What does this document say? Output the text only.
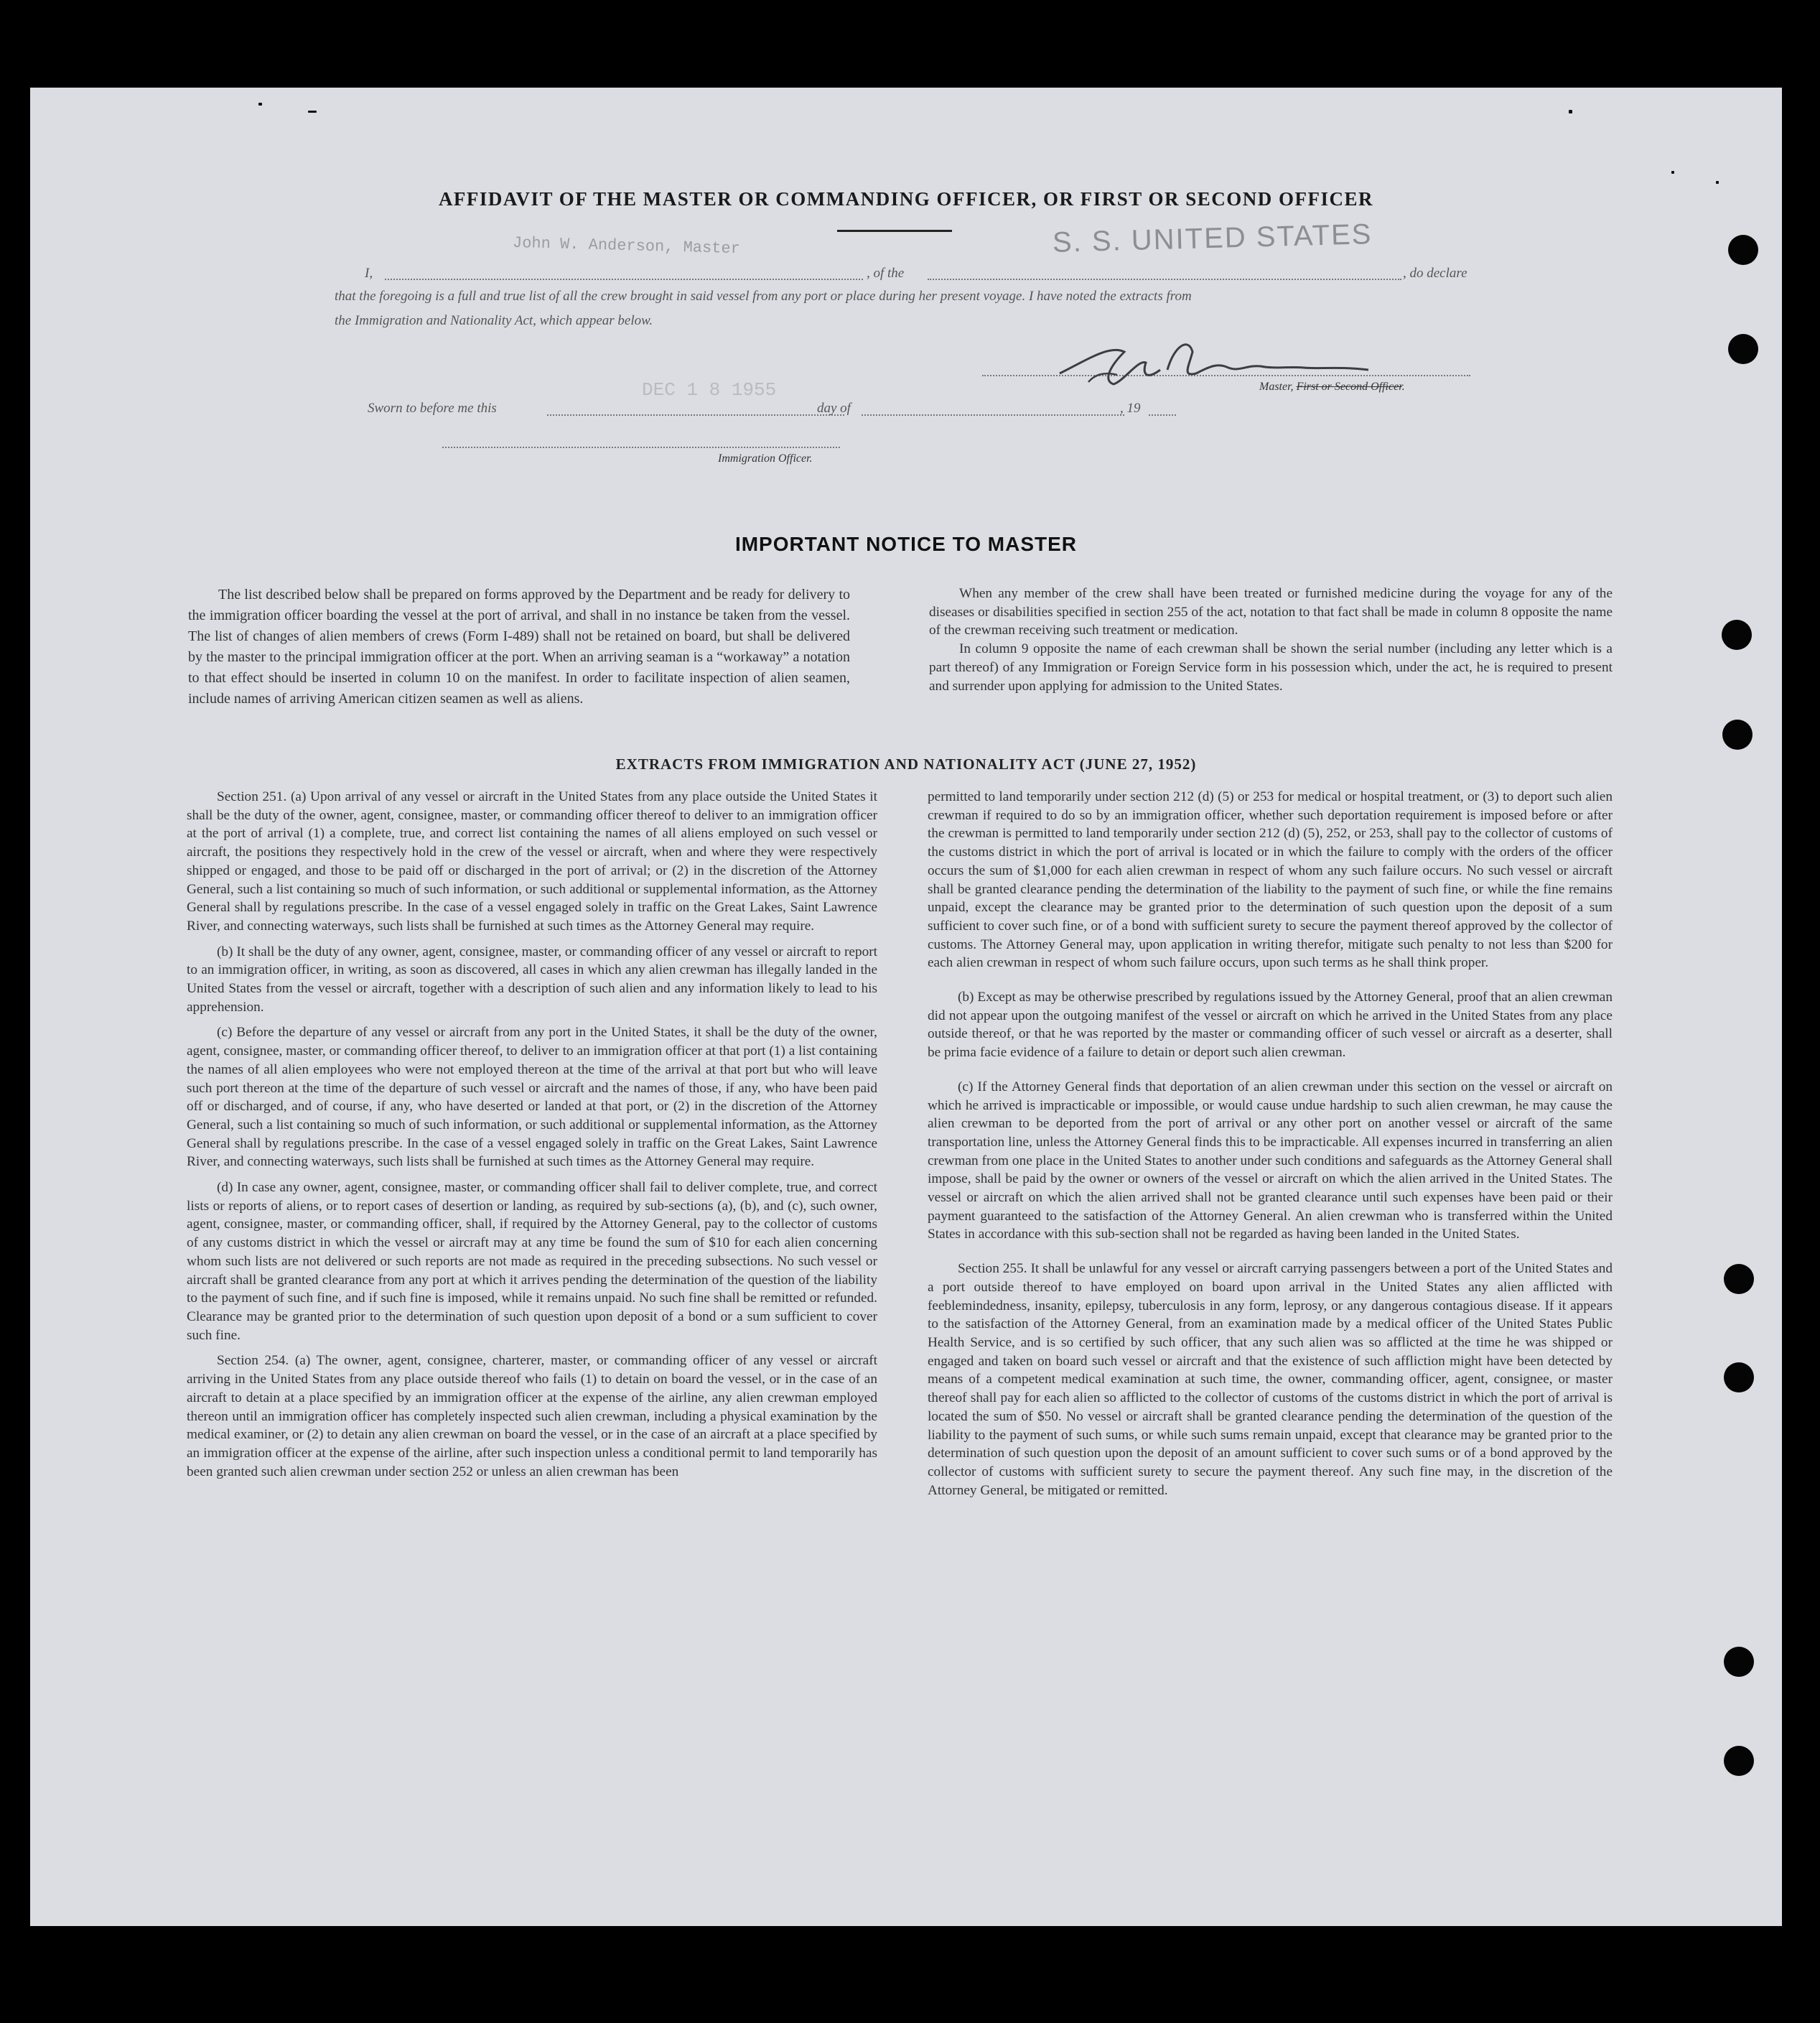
AFFIDAVIT OF THE MASTER OR COMMANDING OFFICER, OR FIRST OR SECOND OFFICER
John W. Anderson, Master	S. S. UNITED STATES
I,	, of the	, do declare
that the foregoing is a full and true list of all the crew brought in said vessel from any port or place during her present voyage. I have noted the extracts from
the Immigration and Nationality Act, which appear below.
Master, First or Second Officer.
DEC 1 8 1955
Sworn to before me this	day of	, 19
Immigration Officer.
IMPORTANT NOTICE TO MASTER

The list described below shall be prepared on forms approved by the Department and be ready for delivery to the immigration officer boarding the vessel at the port of arrival, and shall in no instance be taken from the vessel. The list of changes of alien members of crews (Form I-489) shall not be retained on board, but shall be delivered by the master to the principal immigration officer at the port. When an arriving seaman is a “workaway” a notation to that effect should be inserted in column 10 on the manifest. In order to facilitate inspection of alien seamen, include names of arriving American citizen seamen as well as aliens.

When any member of the crew shall have been treated or furnished medicine during the voyage for any of the diseases or disabilities specified in section 255 of the act, notation to that fact shall be made in column 8 opposite the name of the crewman receiving such treatment or medication.

In column 9 opposite the name of each crewman shall be shown the serial number (including any letter which is a part thereof) of any Immigration or Foreign Service form in his possession which, under the act, he is required to present and surrender upon applying for admission to the United States.

EXTRACTS FROM IMMIGRATION AND NATIONALITY ACT (JUNE 27, 1952)

Section 251. (a) Upon arrival of any vessel or aircraft in the United States from any place outside the United States it shall be the duty of the owner, agent, consignee, master, or commanding officer thereof to deliver to an immigration officer at the port of arrival (1) a complete, true, and correct list containing the names of all aliens employed on such vessel or aircraft, the positions they respectively hold in the crew of the vessel or aircraft, when and where they were respectively shipped or engaged, and those to be paid off or discharged in the port of arrival; or (2) in the discretion of the Attorney General, such a list containing so much of such information, or such additional or supplemental information, as the Attorney General shall by regulations prescribe. In the case of a vessel engaged solely in traffic on the Great Lakes, Saint Lawrence River, and connecting waterways, such lists shall be furnished at such times as the Attorney General may require.

(b) It shall be the duty of any owner, agent, consignee, master, or commanding officer of any vessel or aircraft to report to an immigration officer, in writing, as soon as discovered, all cases in which any alien crewman has illegally landed in the United States from the vessel or aircraft, together with a description of such alien and any information likely to lead to his apprehension.

(c) Before the departure of any vessel or aircraft from any port in the United States, it shall be the duty of the owner, agent, consignee, master, or commanding officer thereof, to deliver to an immigration officer at that port (1) a list containing the names of all alien employees who were not employed thereon at the time of the arrival at that port but who will leave such port thereon at the time of the departure of such vessel or aircraft and the names of those, if any, who have been paid off or discharged, and of course, if any, who have deserted or landed at that port, or (2) in the discretion of the Attorney General, such a list containing so much of such information, or such additional or supplemental information, as the Attorney General shall by regulations prescribe. In the case of a vessel engaged solely in traffic on the Great Lakes, Saint Lawrence River, and connecting waterways, such lists shall be furnished at such times as the Attorney General may require.

(d) In case any owner, agent, consignee, master, or commanding officer shall fail to deliver complete, true, and correct lists or reports of aliens, or to report cases of desertion or landing, as required by sub-sections (a), (b), and (c), such owner, agent, consignee, master, or commanding officer, shall, if required by the Attorney General, pay to the collector of customs of any customs district in which the vessel or aircraft may at any time be found the sum of $10 for each alien concerning whom such lists are not delivered or such reports are not made as required in the preceding subsections. No such vessel or aircraft shall be granted clearance from any port at which it arrives pending the determination of the question of the liability to the payment of such fine, and if such fine is imposed, while it remains unpaid. No such fine shall be remitted or refunded. Clearance may be granted prior to the determination of such question upon deposit of a bond or a sum sufficient to cover such fine.

Section 254. (a) The owner, agent, consignee, charterer, master, or commanding officer of any vessel or aircraft arriving in the United States from any place outside thereof who fails (1) to detain on board the vessel, or in the case of an aircraft to detain at a place specified by an immigration officer at the expense of the airline, any alien crewman employed thereon until an immigration officer has completely inspected such alien crewman, including a physical examination by the medical examiner, or (2) to detain any alien crewman on board the vessel, or in the case of an aircraft at a place specified by an immigration officer at the expense of the airline, after such inspection unless a conditional permit to land temporarily has been granted such alien crewman under section 252 or unless an alien crewman has been

permitted to land temporarily under section 212 (d) (5) or 253 for medical or hospital treatment, or (3) to deport such alien crewman if required to do so by an immigration officer, whether such deportation requirement is imposed before or after the crewman is permitted to land temporarily under section 212 (d) (5), 252, or 253, shall pay to the collector of customs of the customs district in which the port of arrival is located or in which the failure to comply with the orders of the officer occurs the sum of $1,000 for each alien crewman in respect of whom any such failure occurs. No such vessel or aircraft shall be granted clearance pending the determination of the liability to the payment of such fine, or while the fine remains unpaid, except the clearance may be granted prior to the determination of such question upon the deposit of a sum sufficient to cover such fine, or of a bond with sufficient surety to secure the payment thereof approved by the collector of customs. The Attorney General may, upon application in writing therefor, mitigate such penalty to not less than $200 for each alien crewman in respect of whom such failure occurs, upon such terms as he shall think proper.

(b) Except as may be otherwise prescribed by regulations issued by the Attorney General, proof that an alien crewman did not appear upon the outgoing manifest of the vessel or aircraft on which he arrived in the United States from any place outside thereof, or that he was reported by the master or commanding officer of such vessel or aircraft as a deserter, shall be prima facie evidence of a failure to detain or deport such alien crewman.

(c) If the Attorney General finds that deportation of an alien crewman under this section on the vessel or aircraft on which he arrived is impracticable or impossible, or would cause undue hardship to such alien crewman, he may cause the alien crewman to be deported from the port of arrival or any other port on another vessel or aircraft of the same transportation line, unless the Attorney General finds this to be impracticable. All expenses incurred in transferring an alien crewman from one place in the United States to another under such conditions and safeguards as the Attorney General shall impose, shall be paid by the owner or owners of the vessel or aircraft on which the alien arrived in the United States. The vessel or aircraft on which the alien arrived shall not be granted clearance until such expenses have been paid or their payment guaranteed to the satisfaction of the Attorney General. An alien crewman who is transferred within the United States in accordance with this sub-section shall not be regarded as having been landed in the United States.

Section 255. It shall be unlawful for any vessel or aircraft carrying passengers between a port of the United States and a port outside thereof to have employed on board upon arrival in the United States any alien afflicted with feeblemindedness, insanity, epilepsy, tuberculosis in any form, leprosy, or any dangerous contagious disease. If it appears to the satisfaction of the Attorney General, from an examination made by a medical officer of the United States Public Health Service, and is so certified by such officer, that any such alien was so afflicted at the time he was shipped or engaged and taken on board such vessel or aircraft and that the existence of such affliction might have been detected by means of a competent medical examination at such time, the owner, commanding officer, agent, consignee, or master thereof shall pay for each alien so afflicted to the collector of customs of the customs district in which the port of arrival is located the sum of $50. No vessel or aircraft shall be granted clearance pending the determination of the question of the liability to the payment of such sums, or while such sums remain unpaid, except that clearance may be granted prior to the determination of such question upon the deposit of an amount sufficient to cover such sums or of a bond approved by the collector of customs with sufficient surety to secure the payment thereof. Any such fine may, in the discretion of the Attorney General, be mitigated or remitted.
